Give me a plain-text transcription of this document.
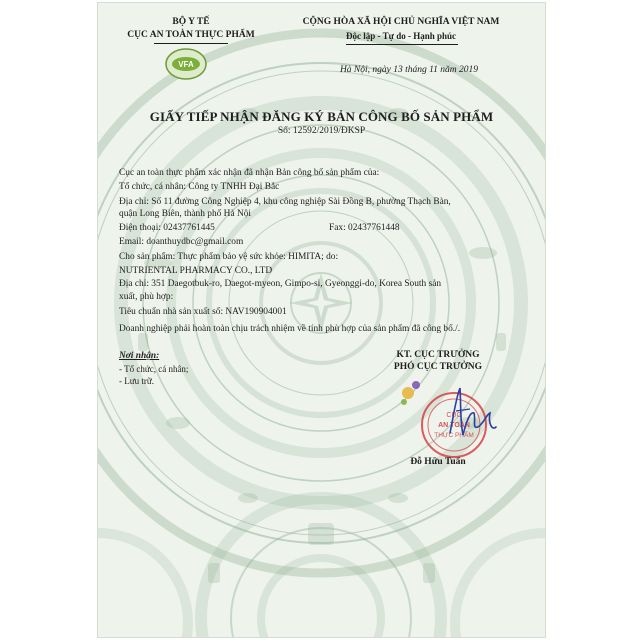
BỘ Y TẾ
CỤC AN TOÀN THỰC PHẨM
VFA
CỘNG HÒA XÃ HỘI CHỦ NGHĨA VIỆT NAM
Độc lập - Tự do - Hạnh phúc
Hà Nội, ngày 13 tháng 11 năm 2019
GIẤY TIẾP NHẬN ĐĂNG KÝ BẢN CÔNG BỐ SẢN PHẨM
Số: 12592/2019/ĐKSP
Cục an toàn thực phẩm xác nhận đã nhận Bản công bố sản phẩm của:
Tổ chức, cá nhân: Công ty TNHH Đại Bắc
Địa chỉ: Số 11 đường Công Nghiệp 4, khu công nghiệp Sài Đồng B, phường Thạch Bàn,
quận Long Biên, thành phố Hà Nội
Điện thoại: 02437761445	Fax: 02437761448
Email: doanthuydbc@gmail.com
Cho sản phẩm: Thực phẩm bảo vệ sức khỏe: HIMITA; do:
NUTRIENTAL PHARMACY CO., LTD
Địa chỉ: 351 Daegotbuk-ro, Daegot-myeon, Gimpo-si, Gyeonggi-do, Korea South sản
xuất, phù hợp:
Tiêu chuẩn nhà sản xuất số: NAV190904001
Doanh nghiệp phải hoàn toàn chịu trách nhiệm về tính phù hợp của sản phẩm đã công bố./.
Nơi nhận:
- Tổ chức, cá nhân;
- Lưu trữ.
KT. CỤC TRƯỞNG
PHÓ CỤC TRƯỞNG
CỤC
AN TOÀN
THỰC PHẨM
Đỗ Hữu Tuấn
